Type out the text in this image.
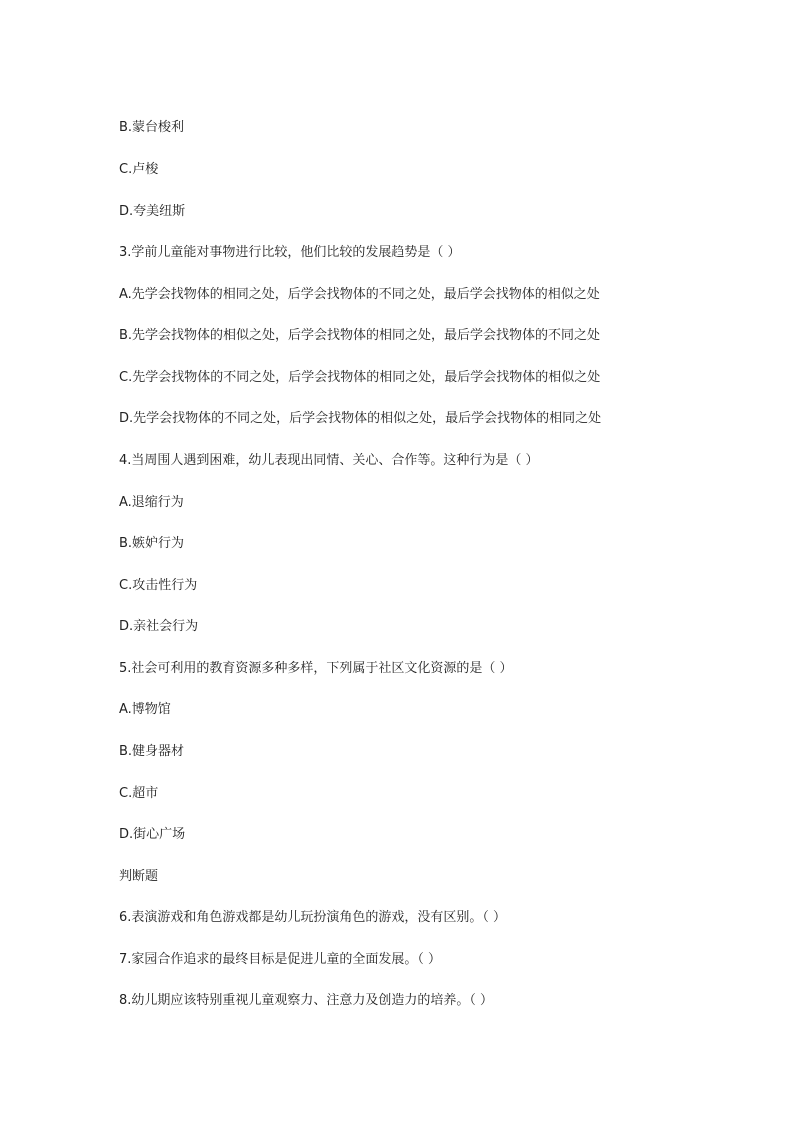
B.蒙台梭利
C.卢梭
D.夸美纽斯
3.学前儿童能对事物进行比较，他们比较的发展趋势是（ ）
A.先学会找物体的相同之处，后学会找物体的不同之处，最后学会找物体的相似之处
B.先学会找物体的相似之处，后学会找物体的相同之处，最后学会找物体的不同之处
C.先学会找物体的不同之处，后学会找物体的相同之处，最后学会找物体的相似之处
D.先学会找物体的不同之处，后学会找物体的相似之处，最后学会找物体的相同之处
4.当周围人遇到困难，幼儿表现出同情、关心、合作等。这种行为是（ ）
A.退缩行为
B.嫉妒行为
C.攻击性行为
D.亲社会行为
5.社会可利用的教育资源多种多样，下列属于社区文化资源的是（ ）
A.博物馆
B.健身器材
C.超市
D.街心广场
判断题
6.表演游戏和角色游戏都是幼儿玩扮演角色的游戏，没有区别。（ ）
7.家园合作追求的最终目标是促进儿童的全面发展。（ ）
8.幼儿期应该特别重视儿童观察力、注意力及创造力的培养。（ ）
